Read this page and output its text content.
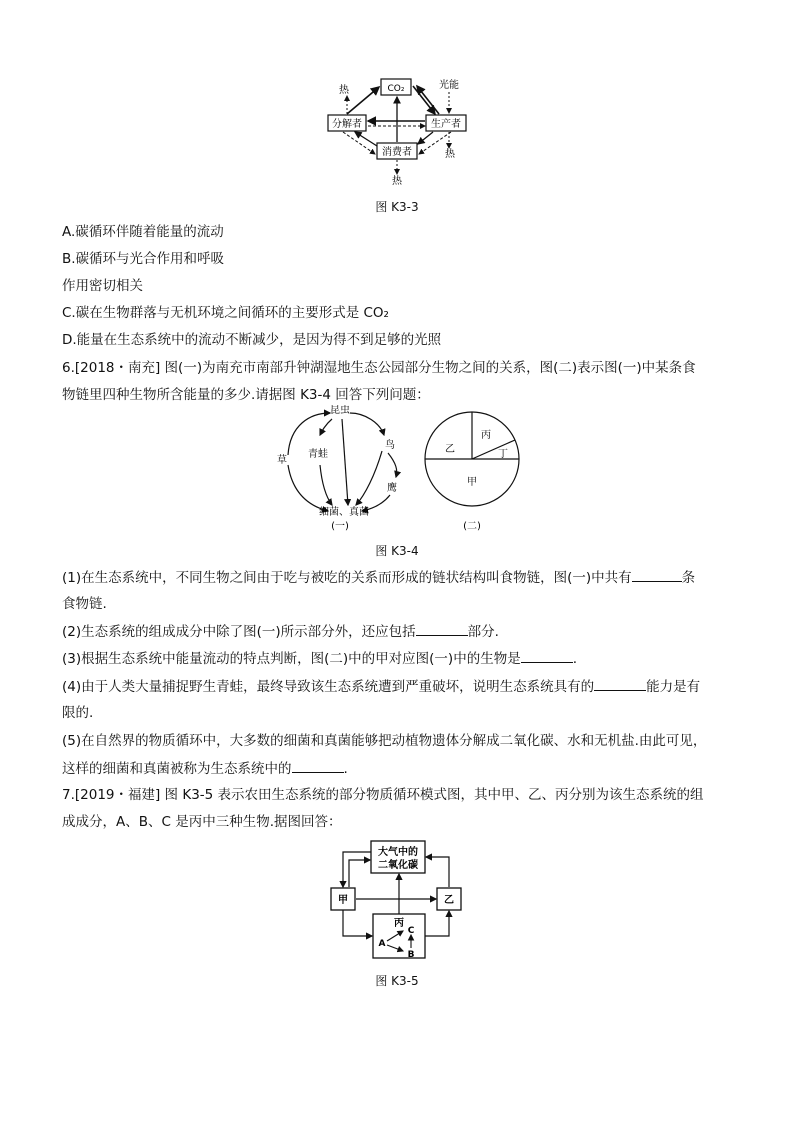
CO₂
分解者	生产者
消费者
热	光能
热
热
图 K3-3
A.碳循环伴随着能量的流动
B.碳循环与光合作用和呼吸
作用密切相关
C.碳在生物群落与无机环境之间循环的主要形式是 CO₂
D.能量在生态系统中的流动不断减少，是因为得不到足够的光照
6.[2018・南充] 图(一)为南充市南部升钟湖湿地生态公园部分生物之间的关系，图(二)表示图(一)中某条食
物链里四种生物所含能量的多少.请据图 K3-4 回答下列问题：
昆虫
草
青蛙
鸟
鹰
细菌、真菌
(一)
乙
丙
丁
甲
(二)
图 K3-4
(1)在生态系统中，不同生物之间由于吃与被吃的关系而形成的链状结构叫食物链，图(一)中共有	条
食物链.
(2)生态系统的组成成分中除了图(一)所示部分外，还应包括	部分.
(3)根据生态系统中能量流动的特点判断，图(二)中的甲对应图(一)中的生物是	.
(4)由于人类大量捕捉野生青蛙，最终导致该生态系统遭到严重破坏，说明生态系统具有的	能力是有
限的.
(5)在自然界的物质循环中，大多数的细菌和真菌能够把动植物遗体分解成二氧化碳、水和无机盐.由此可见，
这样的细菌和真菌被称为生态系统中的	.
7.[2019・福建] 图 K3-5 表示农田生态系统的部分物质循环模式图，其中甲、乙、丙分别为该生态系统的组
成成分，A、B、C 是丙中三种生物.据图回答：
大气中的
二氧化碳
甲	乙
丙
A
C
B
图 K3-5
